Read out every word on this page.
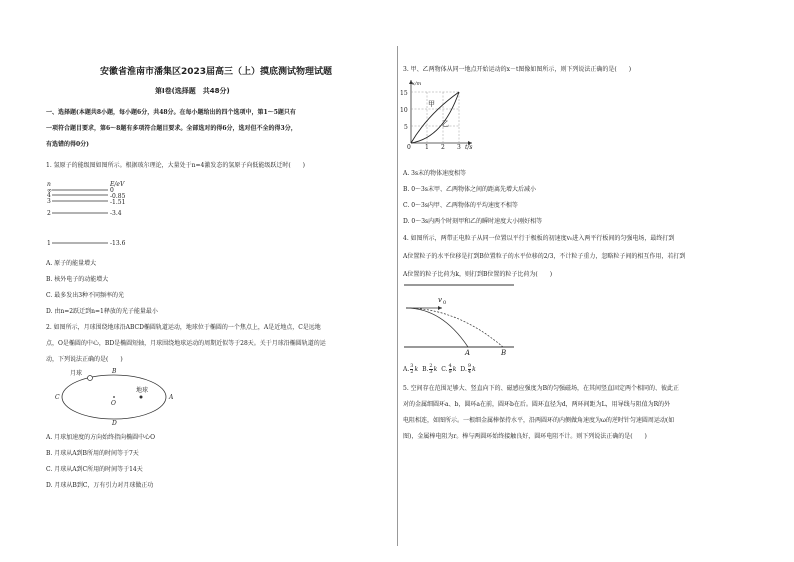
安徽省淮南市潘集区2023届高三（上）摸底测试物理试题
第Ⅰ卷(选择题　共48分)
一、选择题(本题共8小题，每小题6分，共48分。在每小题给出的四个选项中，第1～5题只有
一项符合题目要求，第6～8题有多项符合题目要求。全部选对的得6分，选对但不全的得3分，
有选错的得0分)
1. 氢原子的能级图如图所示。根据玻尔理论，大量处于n=4激发态的氢原子向低能级跃迁时(　　)
n	E/eV
∞	0
4	-0.85
3	-1.51
2	-3.4
1	-13.6
A. 原子的能量增大
B. 核外电子的动能增大
C. 最多发出3种不同频率的光
D. 由n=2跃迁到n=1释放的光子能量最小
2. 如图所示，月球围绕地球沿ABCD椭圆轨道运动，地球位于椭圆的一个焦点上，A是近地点，C是远地
点，O是椭圆的中心，BD是椭圆短轴，月球围绕地球运动的周期近似等于28天。关于月球沿椭圆轨道的运
动，下列说法正确的是(　　)
月球
地球
A
B
C
D
O
A. 月球加速度的方向始终指向椭圆中心O
B. 月球从A到B所用的时间等于7天
C. 月球从A到C所用的时间等于14天
D. 月球从B到C，万有引力对月球做正功
3. 甲、乙两物体从同一地点开始运动的x－t图像如图所示，则下列说法正确的是(　　)
甲
乙
x/m
15
10
5
0 1 2 3 t/s
A. 3s末的物体速度相等
B. 0～3s末甲、乙两物体之间的距离先增大后减小
C. 0～3s内甲、乙两物体的平均速度不相等
D. 0～3s内两个时刻甲和乙的瞬时速度大小刚好相等
4. 如图所示，两带正电粒子从同一位置以平行于极板的初速度v₀进入两平行板间的匀强电场，最终打到
A位置粒子的水平位移是打到B位置粒子的水平位移的2/3，不计粒子重力，忽略粒子间的相互作用，若打到
A位置的粒子比荷为k，则打到B位置的粒子比荷为(　　)
v 0
A	B
A. 3
2 k B. 2
3 k C. 4
9 k D. 9
4 k
5. 空间存在范围足够大、竖直向下的、磁感应强度为B的匀强磁场，在其间竖直固定两个相同的、彼此正
对的金属细圆环a、b，圆环a在前，圆环b在后。圆环直径为d，两环间距为L，用导线与阻值为R的外
电阻相连，如图所示。一根细金属棒保持水平，沿两圆环的内侧做角速度为ω的逆时针匀速圆周运动(如
图)，金属棒电阻为r。棒与两圆环始终接触良好，圆环电阻不计。则下列说法正确的是(　　)
